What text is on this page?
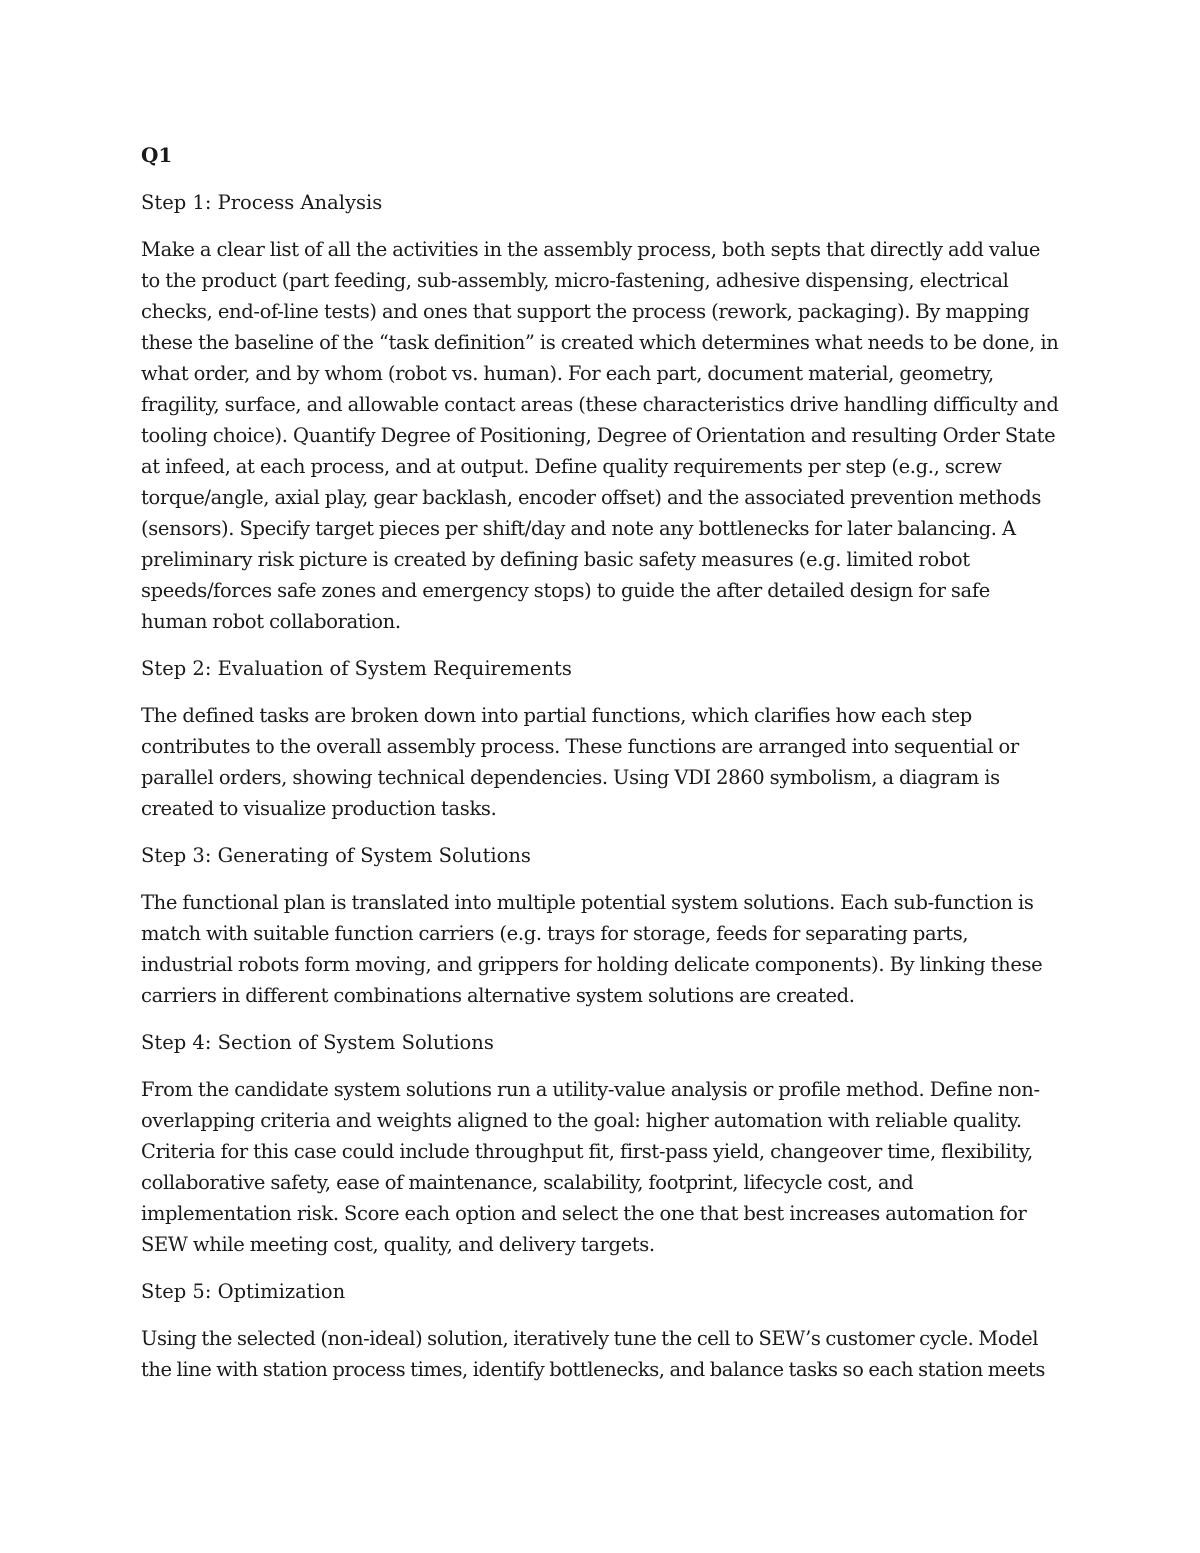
Q1
Step 1: Process Analysis
Make a clear list of all the activities in the assembly process, both septs that directly add value to the product (part feeding, sub-assembly, micro-fastening, adhesive dispensing, electrical checks, end-of-line tests) and ones that support the process (rework, packaging). By mapping these the baseline of the “task definition” is created which determines what needs to be done, in what order, and by whom (robot vs. human). For each part, document material, geometry, fragility, surface, and allowable contact areas (these characteristics drive handling difficulty and tooling choice). Quantify Degree of Positioning, Degree of Orientation and resulting Order State at infeed, at each process, and at output. Define quality requirements per step (e.g., screw torque/angle, axial play, gear backlash, encoder offset) and the associated prevention methods (sensors). Specify target pieces per shift/day and note any bottlenecks for later balancing. A preliminary risk picture is created by defining basic safety measures (e.g. limited robot speeds/forces safe zones and emergency stops) to guide the after detailed design for safe human robot collaboration.
Step 2: Evaluation of System Requirements
The defined tasks are broken down into partial functions, which clarifies how each step contributes to the overall assembly process. These functions are arranged into sequential or parallel orders, showing technical dependencies. Using VDI 2860 symbolism, a diagram is created to visualize production tasks.
Step 3: Generating of System Solutions
The functional plan is translated into multiple potential system solutions. Each sub-function is match with suitable function carriers (e.g. trays for storage, feeds for separating parts, industrial robots form moving, and grippers for holding delicate components). By linking these carriers in different combinations alternative system solutions are created.
Step 4: Section of System Solutions
From the candidate system solutions run a utility-value analysis or profile method. Define non-overlapping criteria and weights aligned to the goal: higher automation with reliable quality. Criteria for this case could include throughput fit, first-pass yield, changeover time, flexibility, collaborative safety, ease of maintenance, scalability, footprint, lifecycle cost, and implementation risk. Score each option and select the one that best increases automation for SEW while meeting cost, quality, and delivery targets.
Step 5: Optimization
Using the selected (non-ideal) solution, iteratively tune the cell to SEW’s customer cycle. Model the line with station process times, identify bottlenecks, and balance tasks so each station meets
